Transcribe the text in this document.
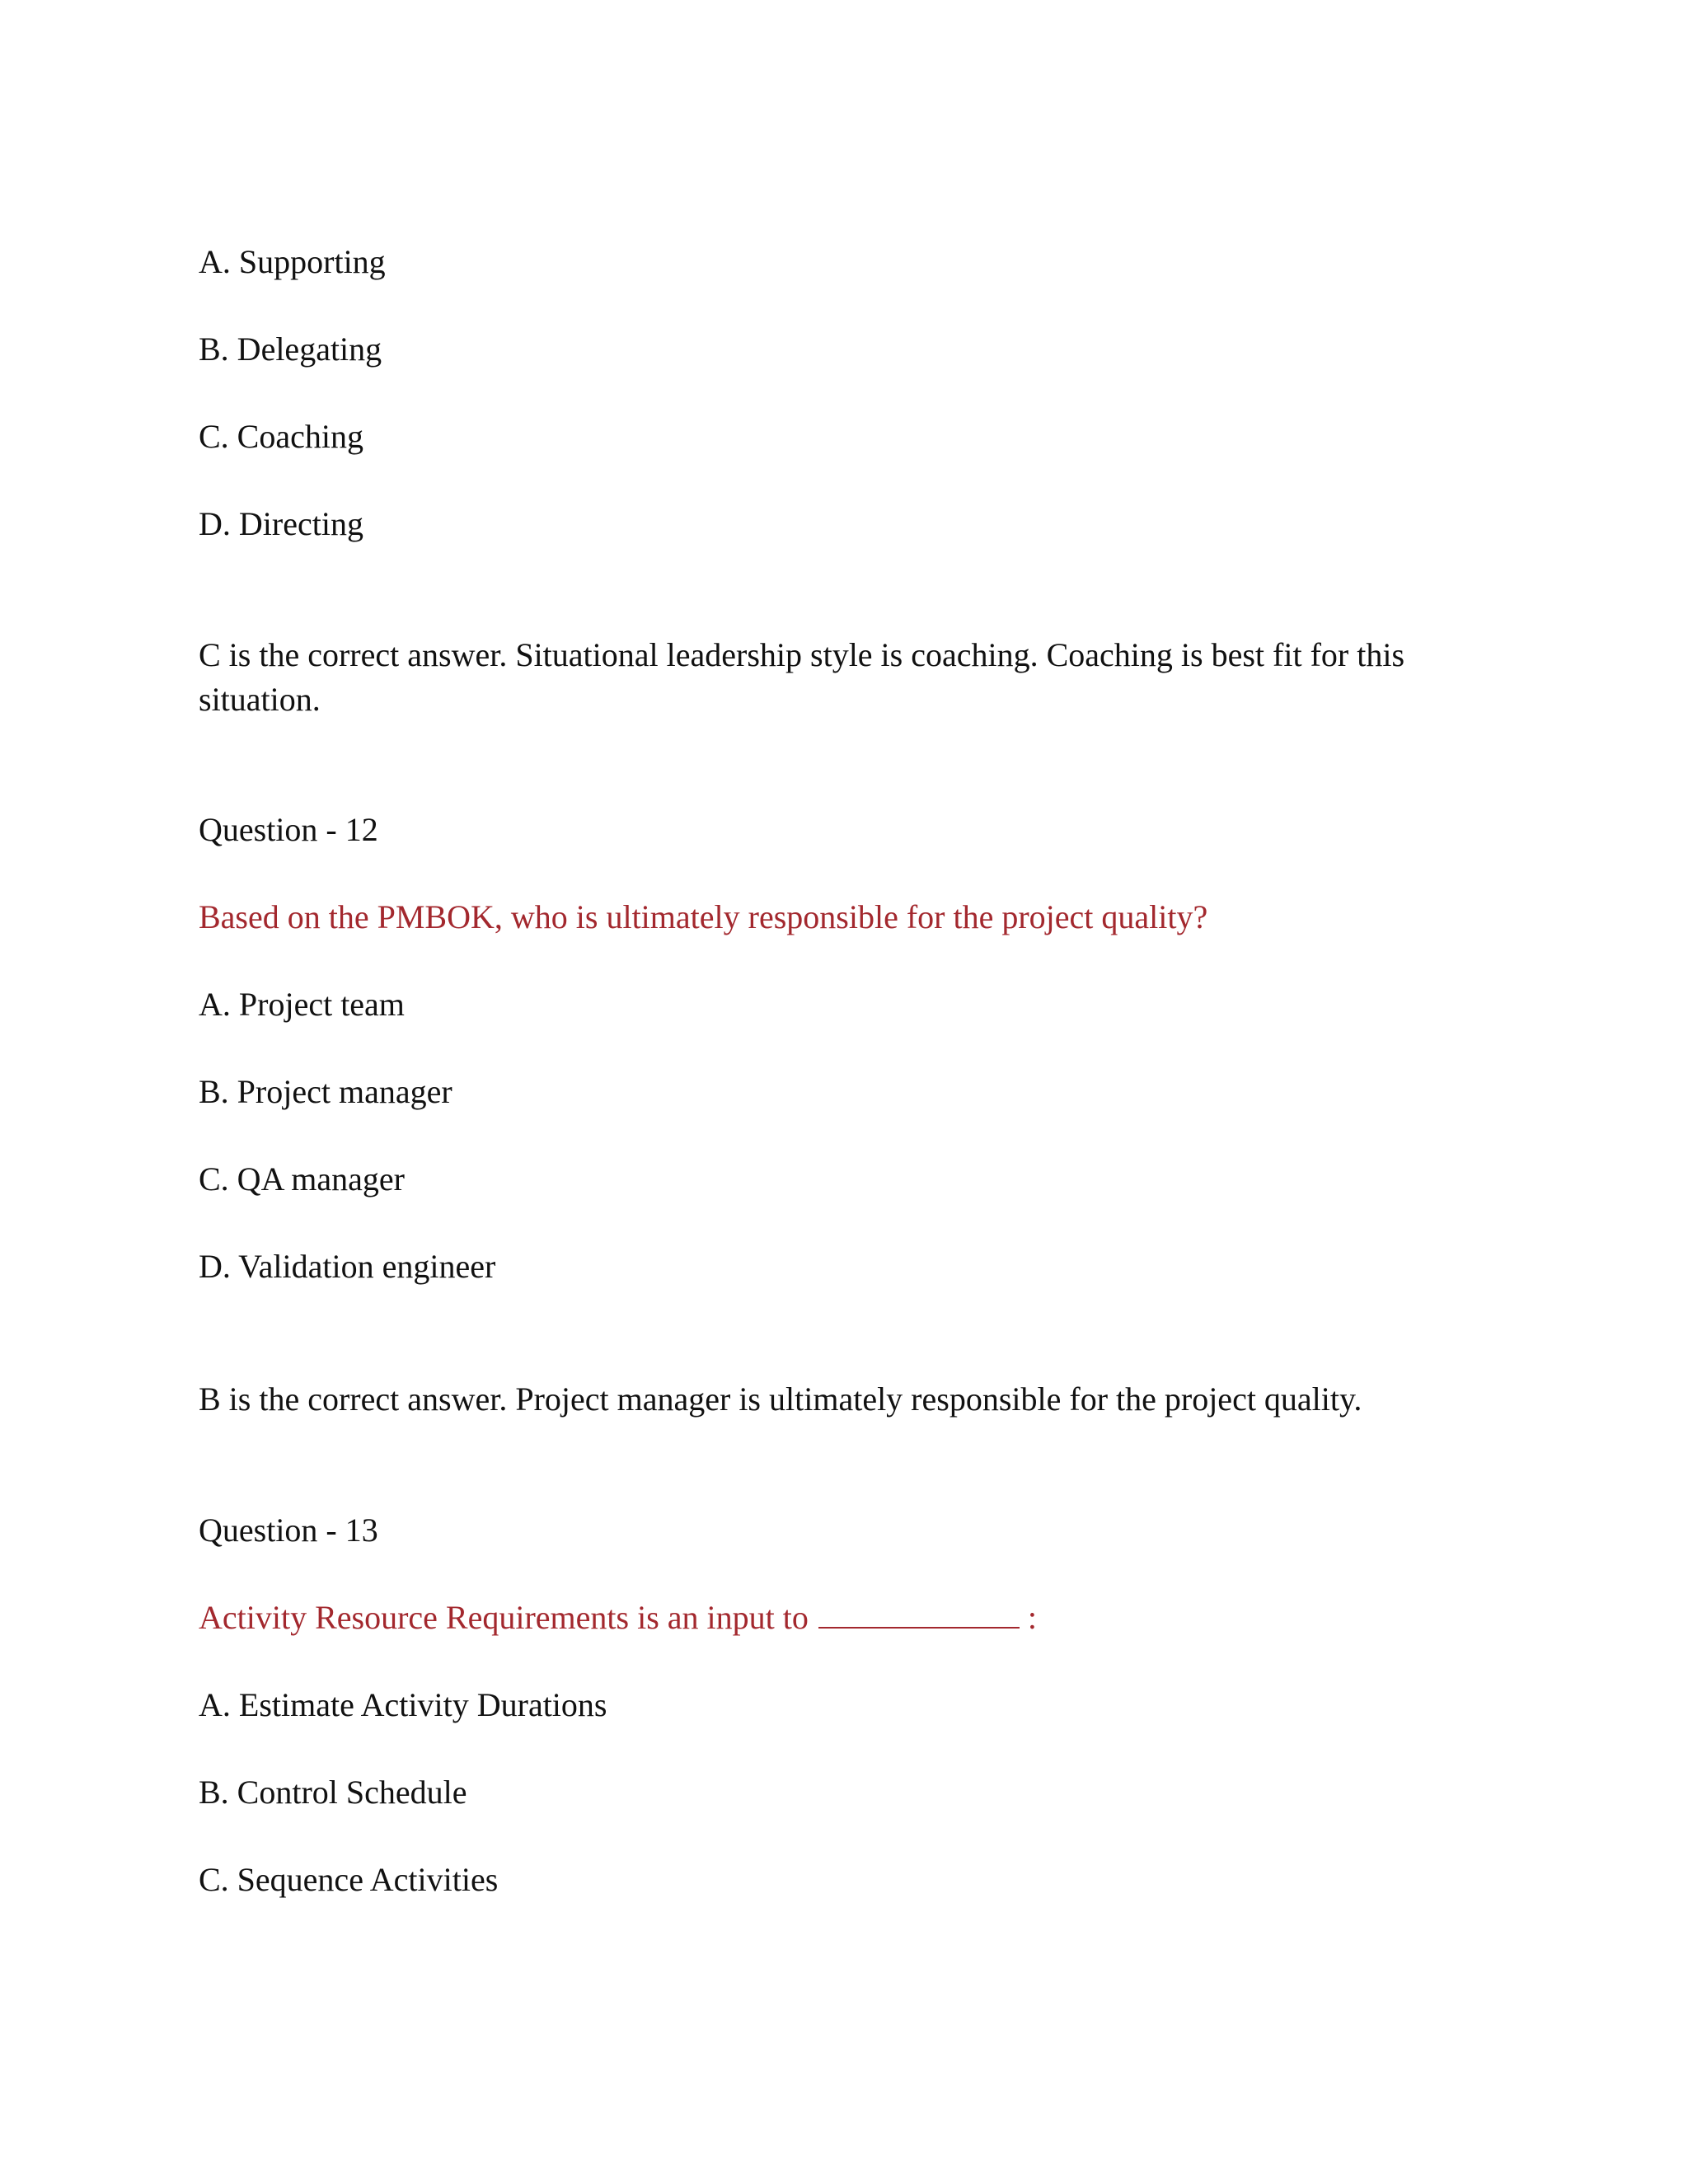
A. Supporting

B. Delegating

C. Coaching

D. Directing

C is the correct answer. Situational leadership style is coaching. Coaching is best fit for this situation.

Question - 12

Based on the PMBOK, who is ultimately responsible for the project quality?

A. Project team

B. Project manager

C. QA manager

D. Validation engineer

B is the correct answer. Project manager is ultimately responsible for the project quality.

Question - 13

Activity Resource Requirements is an input to	:

A. Estimate Activity Durations

B. Control Schedule

C. Sequence Activities
